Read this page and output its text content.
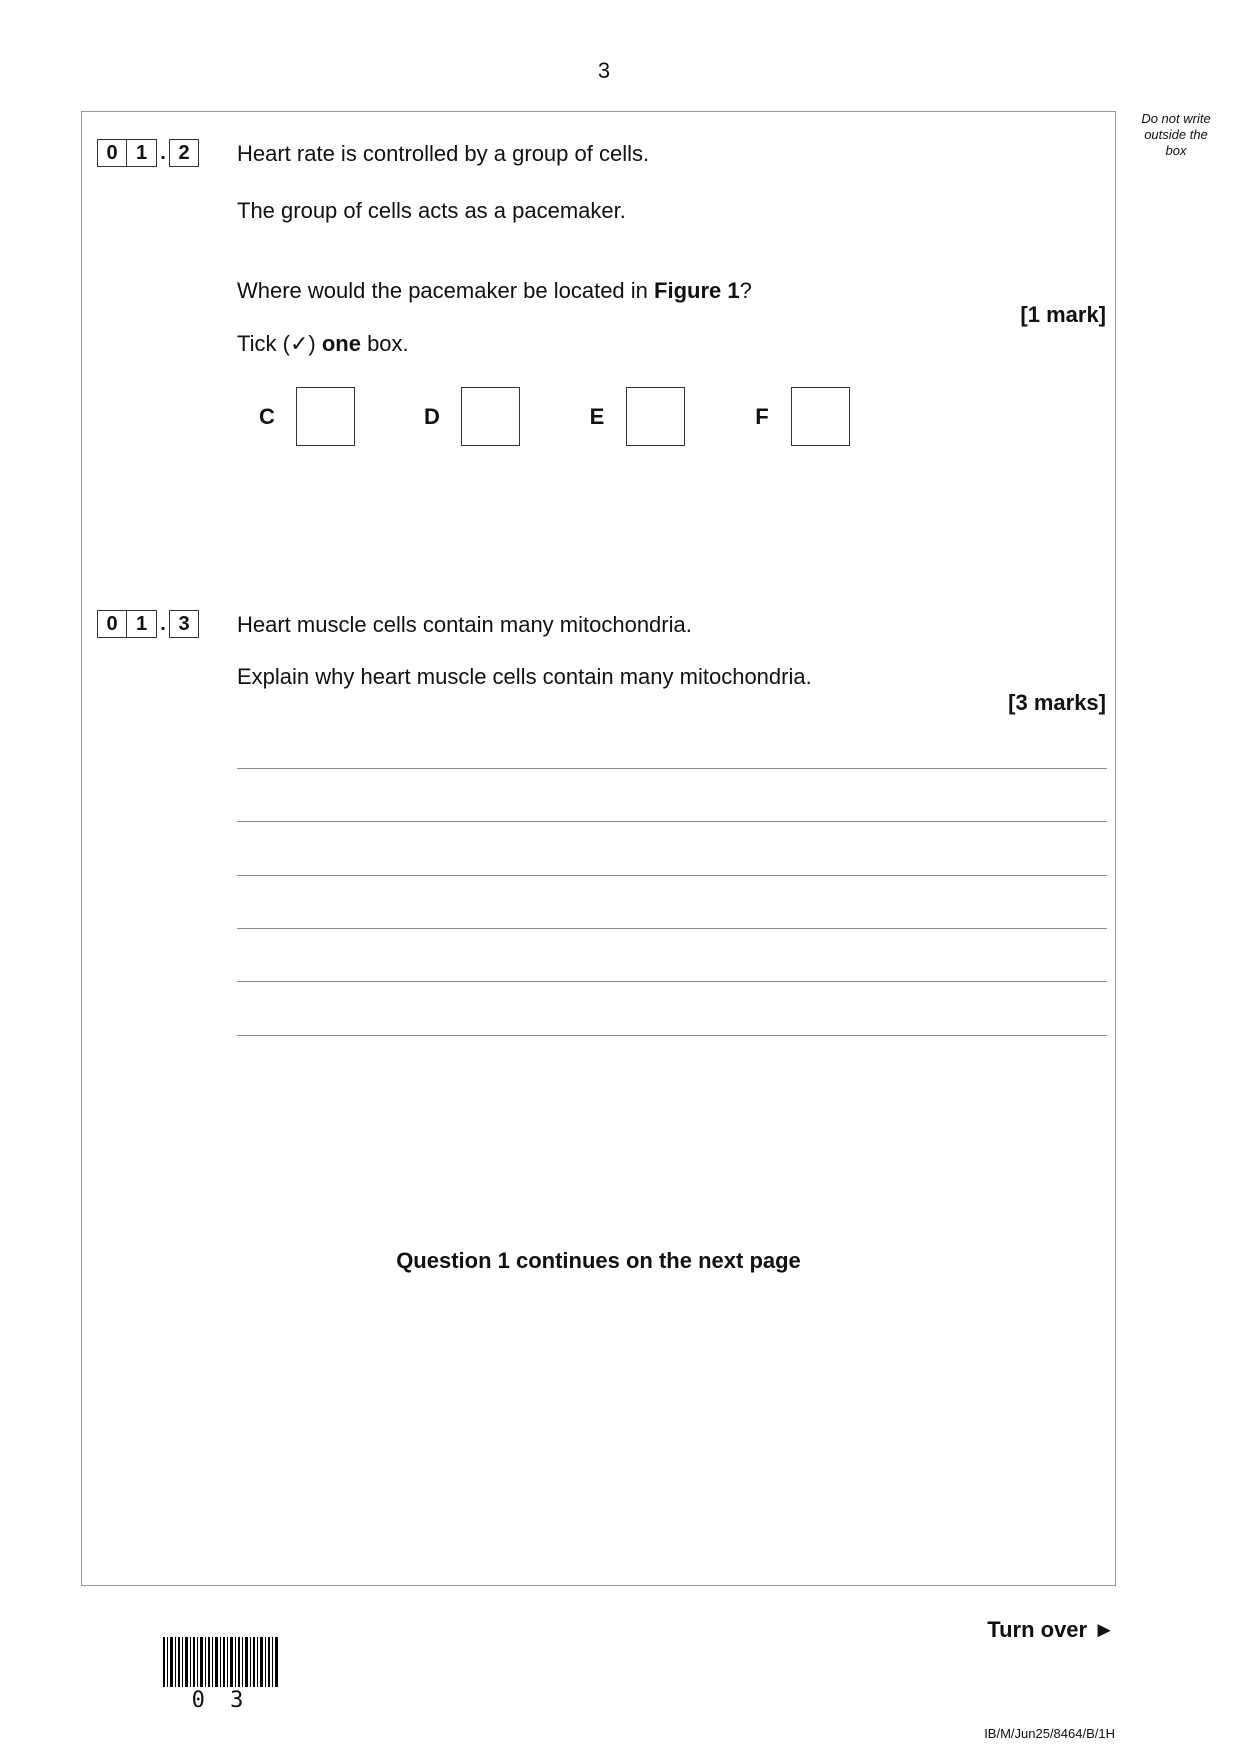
3
Do not write
outside the
box
0 1 . 2	Heart rate is controlled by a group of cells.
The group of cells acts as a pacemaker.
Where would the pacemaker be located in Figure 1?
[1 mark]
Tick (✓) one box.
C	D	E	F
0 1 . 3	Heart muscle cells contain many mitochondria.
Explain why heart muscle cells contain many mitochondria.
[3 marks]
Question 1 continues on the next page
Turn over ►
0 3
IB/M/Jun25/8464/B/1H
